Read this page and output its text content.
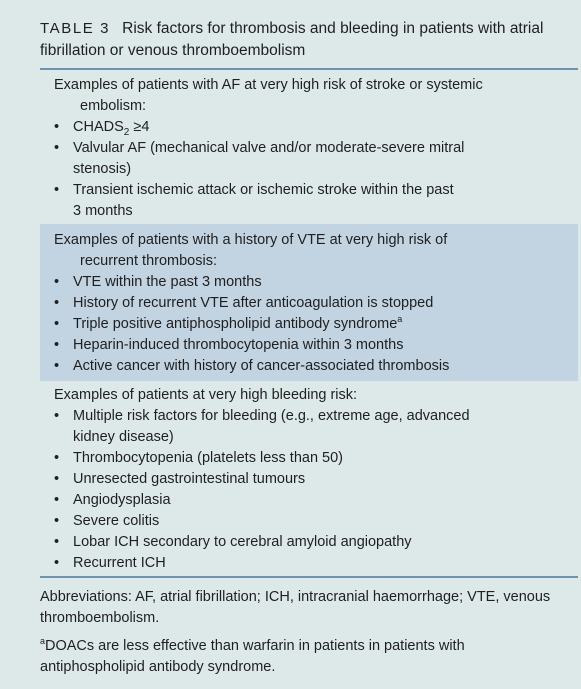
TABLE 3 Risk factors for thrombosis and bleeding in patients with atrial fibrillation or venous thromboembolism

Examples of patients with AF at very high risk of stroke or systemic
embolism:

• $CHADS_2 \ge 4$
• Valvular AF (mechanical valve and/or moderate-severe mitral
stenosis)
• Transient ischemic attack or ischemic stroke within the past
3 months

Examples of patients with a history of VTE at very high risk of
recurrent thrombosis:

• VTE within the past 3 months
• History of recurrent VTE after anticoagulation is stopped
• Triple positive antiphospholipid antibody syndrome$^a$
• Heparin-induced thrombocytopenia within 3 months
• Active cancer with history of cancer-associated thrombosis

Examples of patients at very high bleeding risk:

• Multiple risk factors for bleeding (e.g., extreme age, advanced
kidney disease)
• Thrombocytopenia (platelets less than 50)
• Unresected gastrointestinal tumours
• Angiodysplasia
• Severe colitis
• Lobar ICH secondary to cerebral amyloid angiopathy
• Recurrent ICH

Abbreviations: AF, atrial fibrillation; ICH, intracranial haemorrhage; VTE, venous thromboembolism.

$^a$DOACs are less effective than warfarin in patients in patients with antiphospholipid antibody syndrome.
